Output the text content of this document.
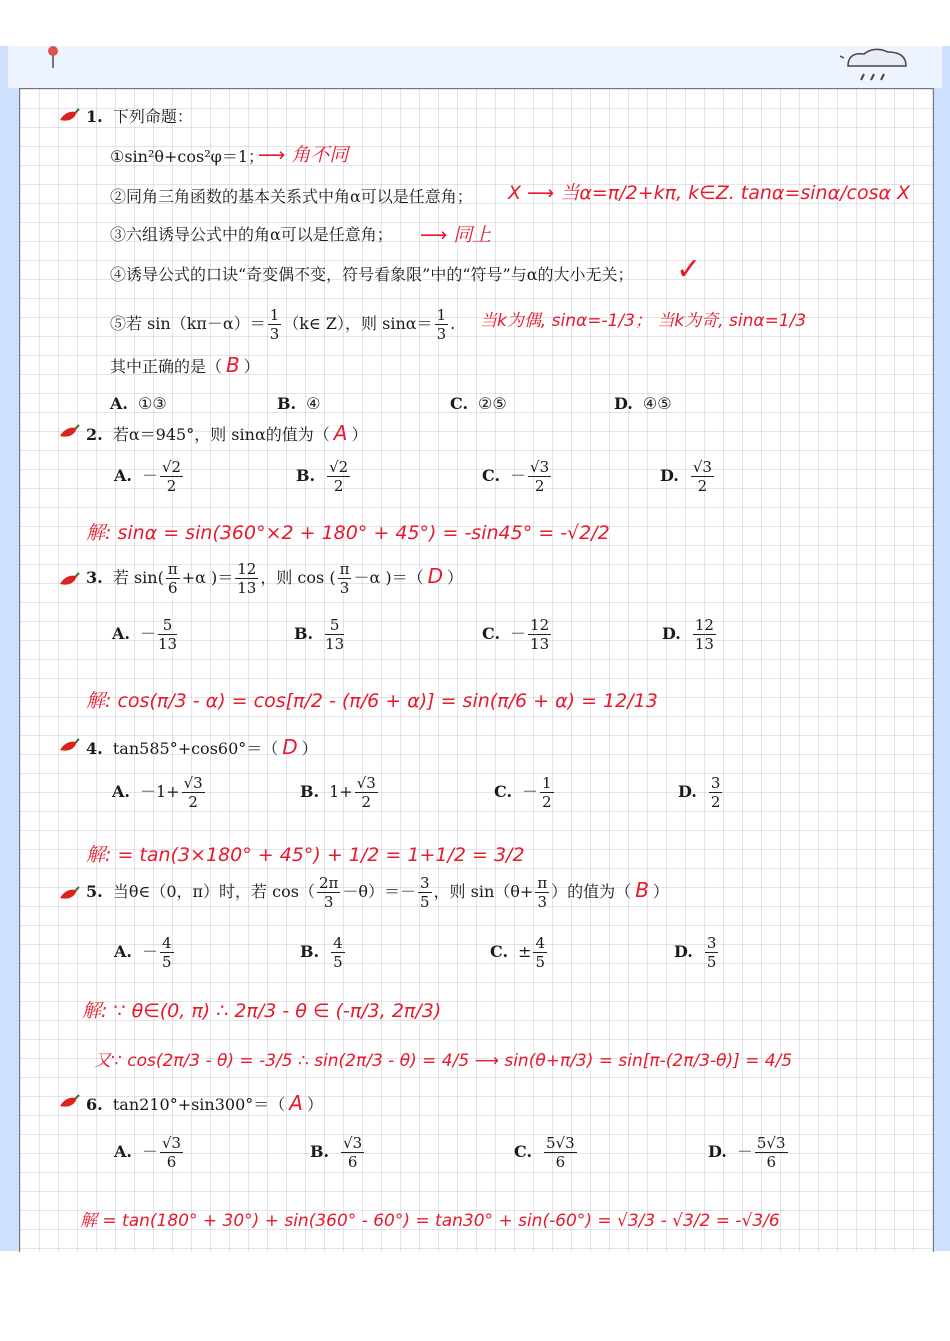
1. 下列命题：
①sin²θ+cos²φ＝1；
⟶ 角不同
②同角三角函数的基本关系式中角α可以是任意角； X ⟶ 当α=π/2+kπ, k∈Z. tanα=sinα/cosα X
③六组诱导公式中的角α可以是任意角； ⟶ 同上
④诱导公式的口诀“奇变偶不变，符号看象限”中的“符号”与α的大小无关； ✓
⑤若 $\sin(k\pi-\alpha)= \frac{1}{3}$ （k∈ Z），则 $\sin\alpha= \frac{1}{3}$ . 当k为偶, sinα=-1/3； 当k为奇, sinα=1/3
其中正确的是（ B ）
A. ①③	B. ④	C. ②⑤	D. ④⑤
2. 若α＝945°，则 sinα的值为（ A ）
A. － $\frac{√2}{2}$	B. $\frac{√2}{2}$	C. － $\frac{√3}{2}$	D. $\frac{√3}{2}$
解: sinα = sin(360°×2 + 180° + 45°) = -sin45° = -√2/2
3. 若 $\sin( \frac{\pi}{6} +\alpha$ )＝ $\frac{12}{13}$ ，则 cos ( $\frac{\pi}{3} -\alpha$ )＝（ D ）
A. － $\frac{5}{13}$	B. $\frac{5}{13}$	C. － $\frac{12}{13}$	D. $\frac{12}{13}$
解: cos(π/3 - α) = cos[π/2 - (π/6 + α)] = sin(π/6 + α) = 12/13
4. tan585°+cos60°＝（ D ）
A. $-1+ \frac{√3}{2}$	B. $1+ \frac{√3}{2}$	C. － $\frac{1}{2}$	D. $\frac{3}{2}$
解: = tan(3×180° + 45°) + 1/2 = 1+1/2 = 3/2
5. 当θ∈（0，π）时，若 $\cos( \frac{2\pi}{3} -\theta)=- \frac{3}{5}$ ，则 $\sin(\theta+ \frac{\pi}{3}$ ）的值为（ B ）
A. － $\frac{4}{5}$	B. $\frac{4}{5}$	C. ± $\frac{4}{5}$	D. $\frac{3}{5}$
解: ∵ θ∈(0, π) ∴ 2π/3 - θ ∈ (-π/3, 2π/3)
又∵ cos(2π/3 - θ) = -3/5 ∴ sin(2π/3 - θ) = 4/5 ⟶ sin(θ+π/3) = sin[π-(2π/3-θ)] = 4/5
6. tan210°+sin300°＝（ A ）
A. － $\frac{√3}{6}$	B. $\frac{√3}{6}$	C. $\frac{5√3}{6}$	D. － $\frac{5√3}{6}$
解 = tan(180° + 30°) + sin(360° - 60°) = tan30° + sin(-60°) = √3/3 - √3/2 = -√3/6
